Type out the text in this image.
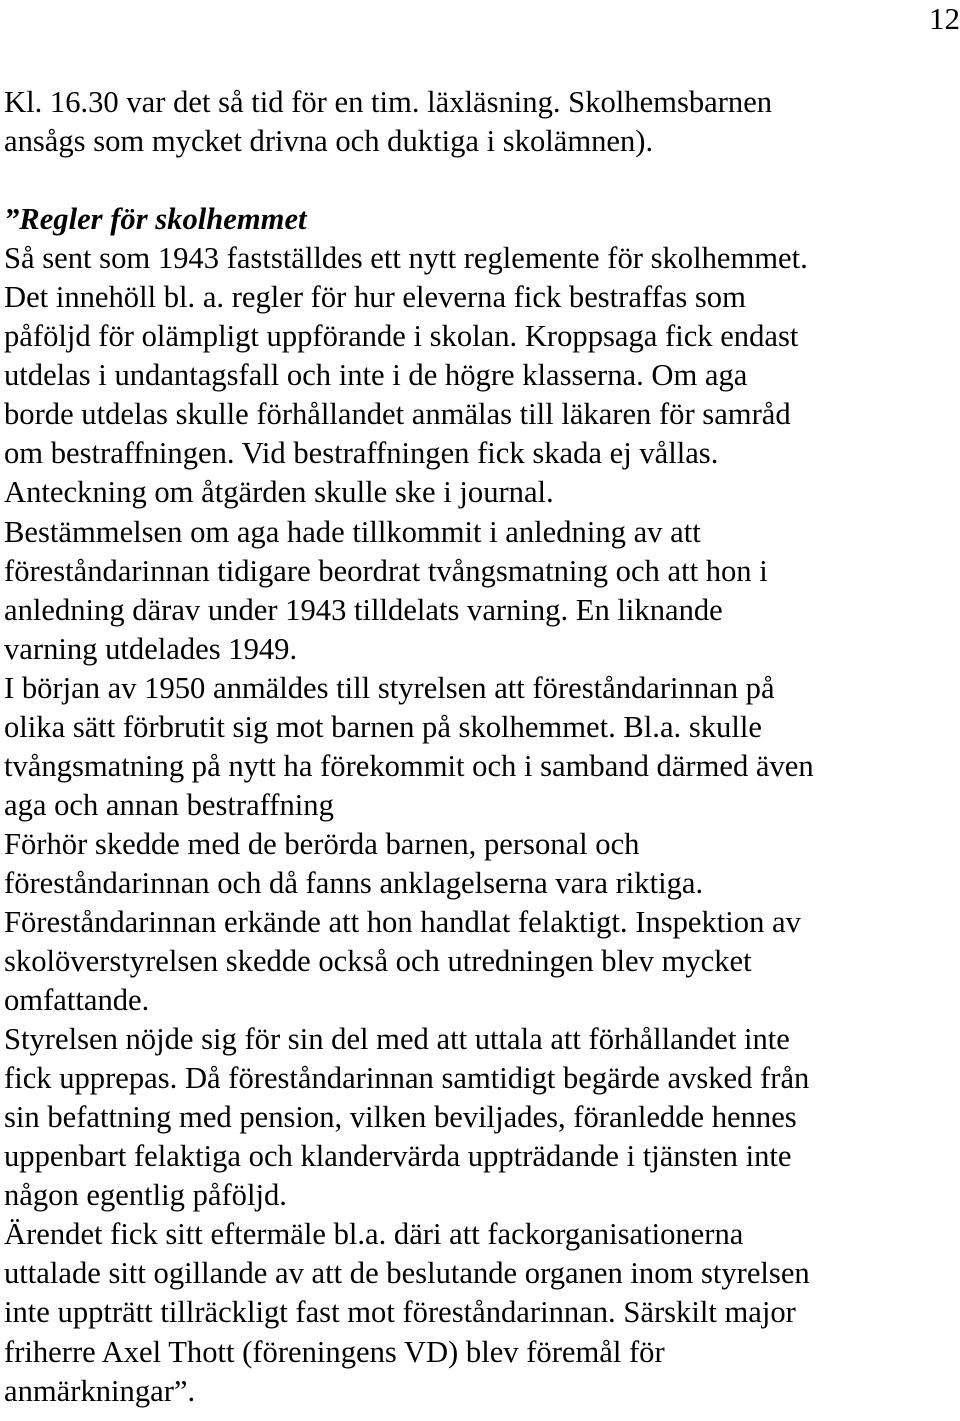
12
Kl. 16.30 var det så tid för en tim. läxläsning. Skolhemsbarnen
ansågs som mycket drivna och duktiga i skolämnen).
”Regler för skolhemmet
Så sent som 1943 fastställdes ett nytt reglemente för skolhemmet.
Det innehöll bl. a. regler för hur eleverna fick bestraffas som
påföljd för olämpligt uppförande i skolan. Kroppsaga fick endast
utdelas i undantagsfall och inte i de högre klasserna. Om aga
borde utdelas skulle förhållandet anmälas till läkaren för samråd
om bestraffningen. Vid bestraffningen fick skada ej vållas.
Anteckning om åtgärden skulle ske i journal.
Bestämmelsen om aga hade tillkommit i anledning av att
föreståndarinnan tidigare beordrat tvångsmatning och att hon i
anledning därav under 1943 tilldelats varning. En liknande
varning utdelades 1949.
I början av 1950 anmäldes till styrelsen att föreståndarinnan på
olika sätt förbrutit sig mot barnen på skolhemmet. Bl.a. skulle
tvångsmatning på nytt ha förekommit och i samband därmed även
aga och annan bestraffning
Förhör skedde med de berörda barnen, personal och
föreståndarinnan och då fanns anklagelserna vara riktiga.
Föreståndarinnan erkände att hon handlat felaktigt. Inspektion av
skolöverstyrelsen skedde också och utredningen blev mycket
omfattande.
Styrelsen nöjde sig för sin del med att uttala att förhållandet inte
fick upprepas. Då föreståndarinnan samtidigt begärde avsked från
sin befattning med pension, vilken beviljades, föranledde hennes
uppenbart felaktiga och klandervärda uppträdande i tjänsten inte
någon egentlig påföljd.
Ärendet fick sitt eftermäle bl.a. däri att fackorganisationerna
uttalade sitt ogillande av att de beslutande organen inom styrelsen
inte uppträtt tillräckligt fast mot föreståndarinnan. Särskilt major
friherre Axel Thott (föreningens VD) blev föremål för
anmärkningar”.
